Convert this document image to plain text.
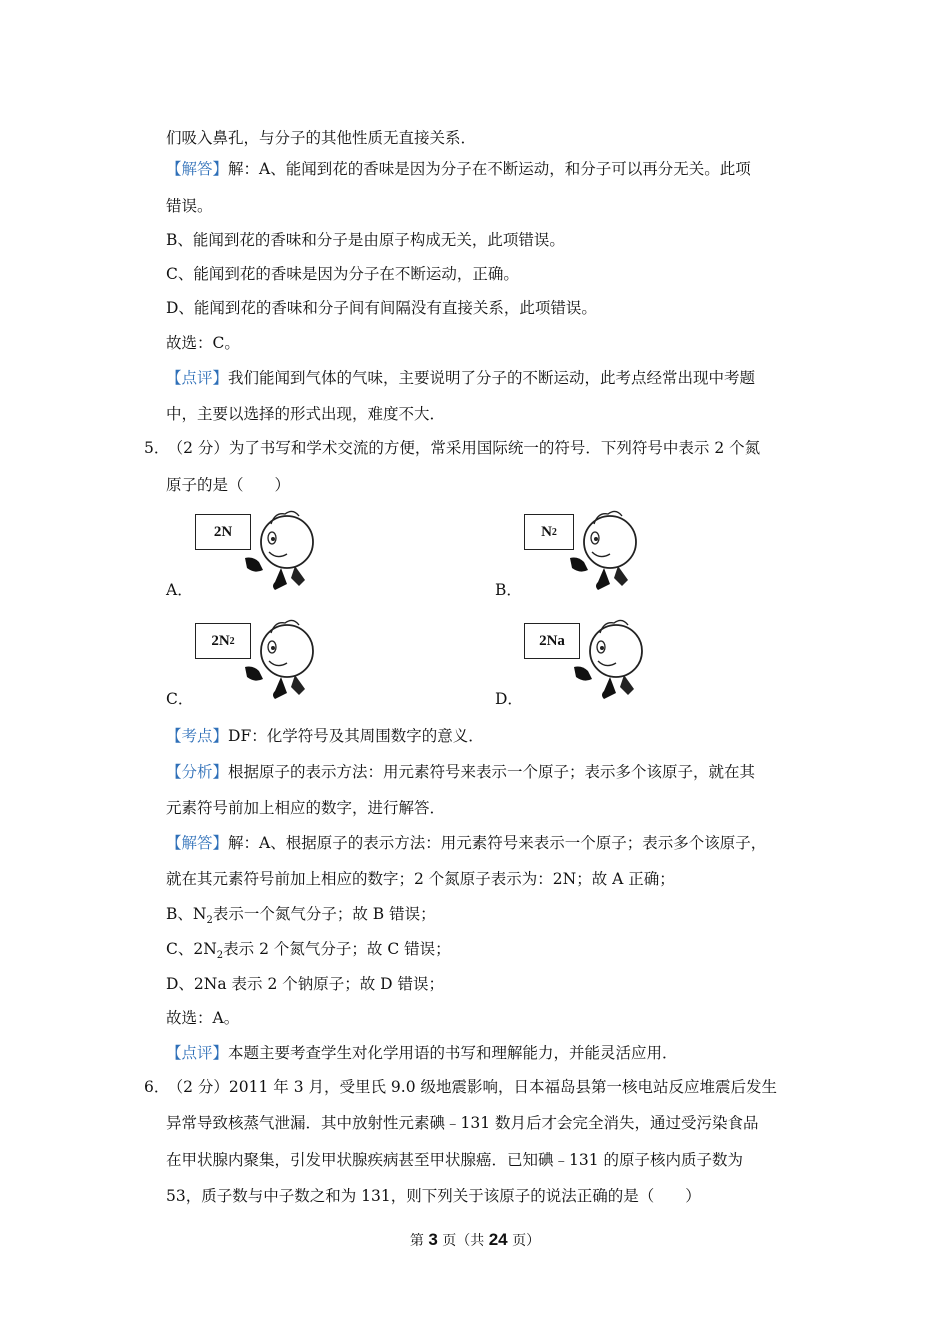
们吸入鼻孔，与分子的其他性质无直接关系．
【解答】解：A、能闻到花的香味是因为分子在不断运动，和分子可以再分无关。此项
错误。
B、能闻到花的香味和分子是由原子构成无关，此项错误。
C、能闻到花的香味是因为分子在不断运动，正确。
D、能闻到花的香味和分子间有间隔没有直接关系，此项错误。
故选：C。
【点评】我们能闻到气体的气味，主要说明了分子的不断运动，此考点经常出现中考题
中，主要以选择的形式出现，难度不大．
5． （2 分）为了书写和学术交流的方便，常采用国际统一的符号．下列符号中表示 2 个氮
原子的是（　　）
2N
A．
N 2
B．
2N 2
C．
2Na
D．
【考点】DF：化学符号及其周围数字的意义．
【分析】根据原子的表示方法：用元素符号来表示一个原子；表示多个该原子，就在其
元素符号前加上相应的数字，进行解答．
【解答】解：A、根据原子的表示方法：用元素符号来表示一个原子；表示多个该原子，
就在其元素符号前加上相应的数字；2 个氮原子表示为：2N；故 A 正确；
B、$N_2$表示一个氮气分子；故 B 错误；
C、$2N_2$表示 2 个氮气分子；故 C 错误；
D、2Na 表示 2 个钠原子；故 D 错误；
故选：A。
【点评】本题主要考查学生对化学用语的书写和理解能力，并能灵活应用．
6． （2 分）2011 年 3 月，受里氏 9.0 级地震影响，日本福岛县第一核电站反应堆震后发生
异常导致核蒸气泄漏．其中放射性元素碘﹣131 数月后才会完全消失，通过受污染食品
在甲状腺内聚集，引发甲状腺疾病甚至甲状腺癌．已知碘﹣131 的原子核内质子数为
53，质子数与中子数之和为 131，则下列关于该原子的说法正确的是（　　）
第 3 页（共 24 页）
